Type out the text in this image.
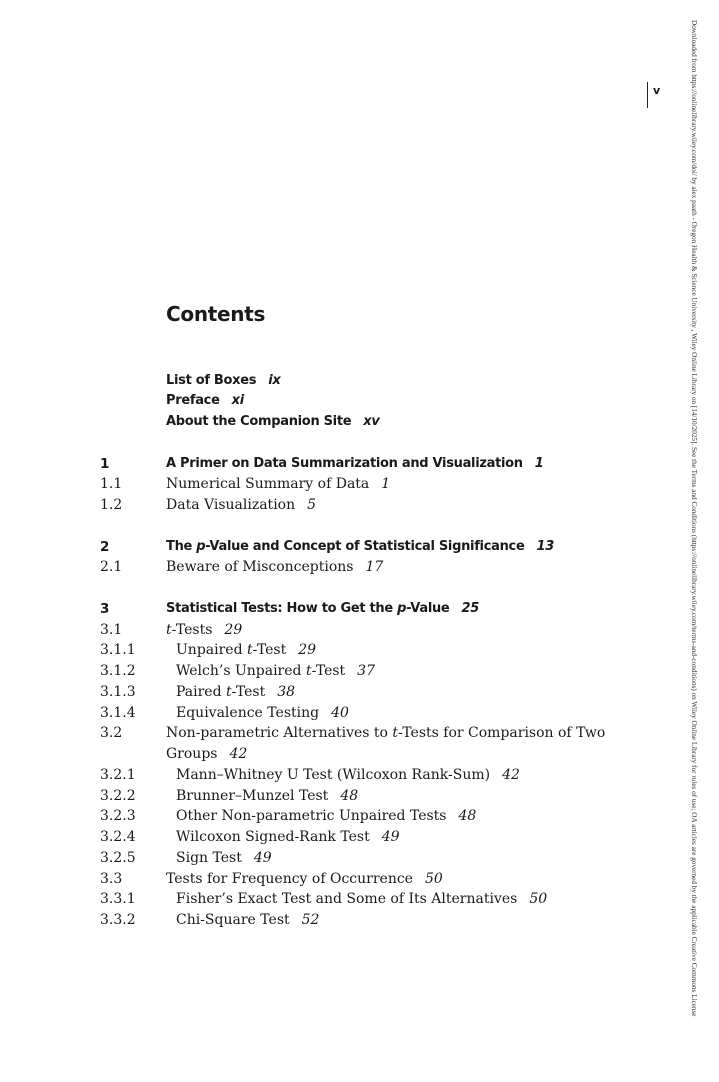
Downloaded from https://onlinelibrary.wiley.com/doi/ by alex paath - Oregon Health & Science University , Wiley Online Library on [14/10/2025]. See the Terms and Conditions (https://onlinelibrary.wiley.com/terms-and-conditions) on Wiley Online Library for rules of use; OA articles are governed by the applicable Creative Commons License
v
Contents
List of Boxes ix
Preface xi
About the Companion Site xv
1	A Primer on Data Summarization and Visualization 1
1.1	Numerical Summary of Data 1
1.2	Data Visualization 5
2	The p-Value and Concept of Statistical Significance 13
2.1	Beware of Misconceptions 17
3	Statistical Tests: How to Get the p-Value 25
3.1	t-Tests 29
3.1.1	Unpaired t-Test 29
3.1.2	Welch’s Unpaired t-Test 37
3.1.3	Paired t-Test 38
3.1.4	Equivalence Testing 40
3.2	Non-parametric Alternatives to t-Tests for Comparison of Two
Groups 42
3.2.1	Mann–Whitney U Test (Wilcoxon Rank-Sum) 42
3.2.2	Brunner–Munzel Test 48
3.2.3	Other Non-parametric Unpaired Tests 48
3.2.4	Wilcoxon Signed-Rank Test 49
3.2.5	Sign Test 49
3.3	Tests for Frequency of Occurrence 50
3.3.1	Fisher’s Exact Test and Some of Its Alternatives 50
3.3.2	Chi-Square Test 52
